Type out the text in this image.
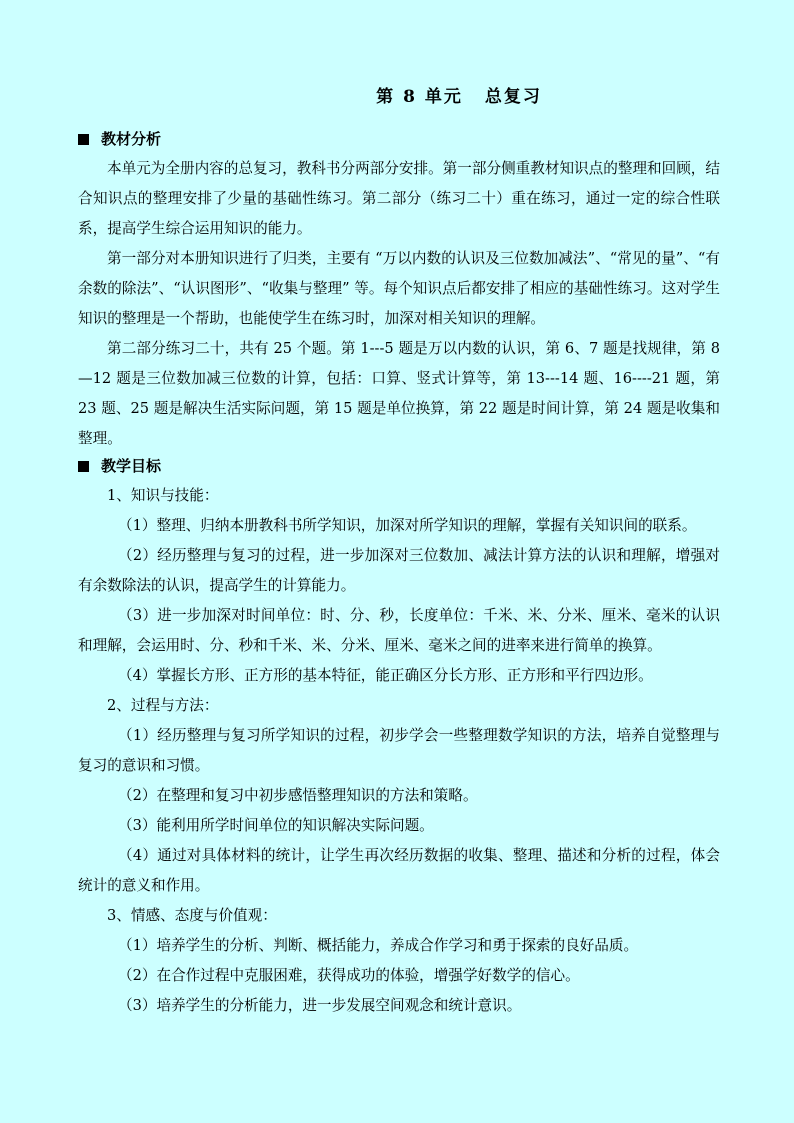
第 8 单元 总复习
教材分析

本单元为全册内容的总复习，教科书分两部分安排。第一部分侧重教材知识点的整理和回顾，结合知识点的整理安排了少量的基础性练习。第二部分（练习二十）重在练习，通过一定的综合性联系，提高学生综合运用知识的能力。

第一部分对本册知识进行了归类，主要有 “万以内数的认识及三位数加减法”、“常见的量”、“有余数的除法”、“认识图形”、“收集与整理” 等。每个知识点后都安排了相应的基础性练习。这对学生知识的整理是一个帮助，也能使学生在练习时，加深对相关知识的理解。

第二部分练习二十，共有 25 个题。第 1---5 题是万以内数的认识，第 6、7 题是找规律，第 8—12 题是三位数加减三位数的计算，包括：口算、竖式计算等，第 13---14 题、16----21 题，第 23 题、25 题是解决生活实际问题，第 15 题是单位换算，第 22 题是时间计算，第 24 题是收集和整理。

教学目标

1、知识与技能：

（1）整理、归纳本册教科书所学知识，加深对所学知识的理解，掌握有关知识间的联系。

（2）经历整理与复习的过程，进一步加深对三位数加、减法计算方法的认识和理解，增强对有余数除法的认识，提高学生的计算能力。

（3）进一步加深对时间单位：时、分、秒，长度单位：千米、米、分米、厘米、毫米的认识和理解，会运用时、分、秒和千米、米、分米、厘米、毫米之间的进率来进行简单的换算。

（4）掌握长方形、正方形的基本特征，能正确区分长方形、正方形和平行四边形。

2、过程与方法：

（1）经历整理与复习所学知识的过程，初步学会一些整理数学知识的方法，培养自觉整理与复习的意识和习惯。

（2）在整理和复习中初步感悟整理知识的方法和策略。

（3）能利用所学时间单位的知识解决实际问题。

（4）通过对具体材料的统计，让学生再次经历数据的收集、整理、描述和分析的过程，体会统计的意义和作用。

3、情感、态度与价值观：

（1）培养学生的分析、判断、概括能力，养成合作学习和勇于探索的良好品质。

（2）在合作过程中克服困难，获得成功的体验，增强学好数学的信心。

（3）培养学生的分析能力，进一步发展空间观念和统计意识。
